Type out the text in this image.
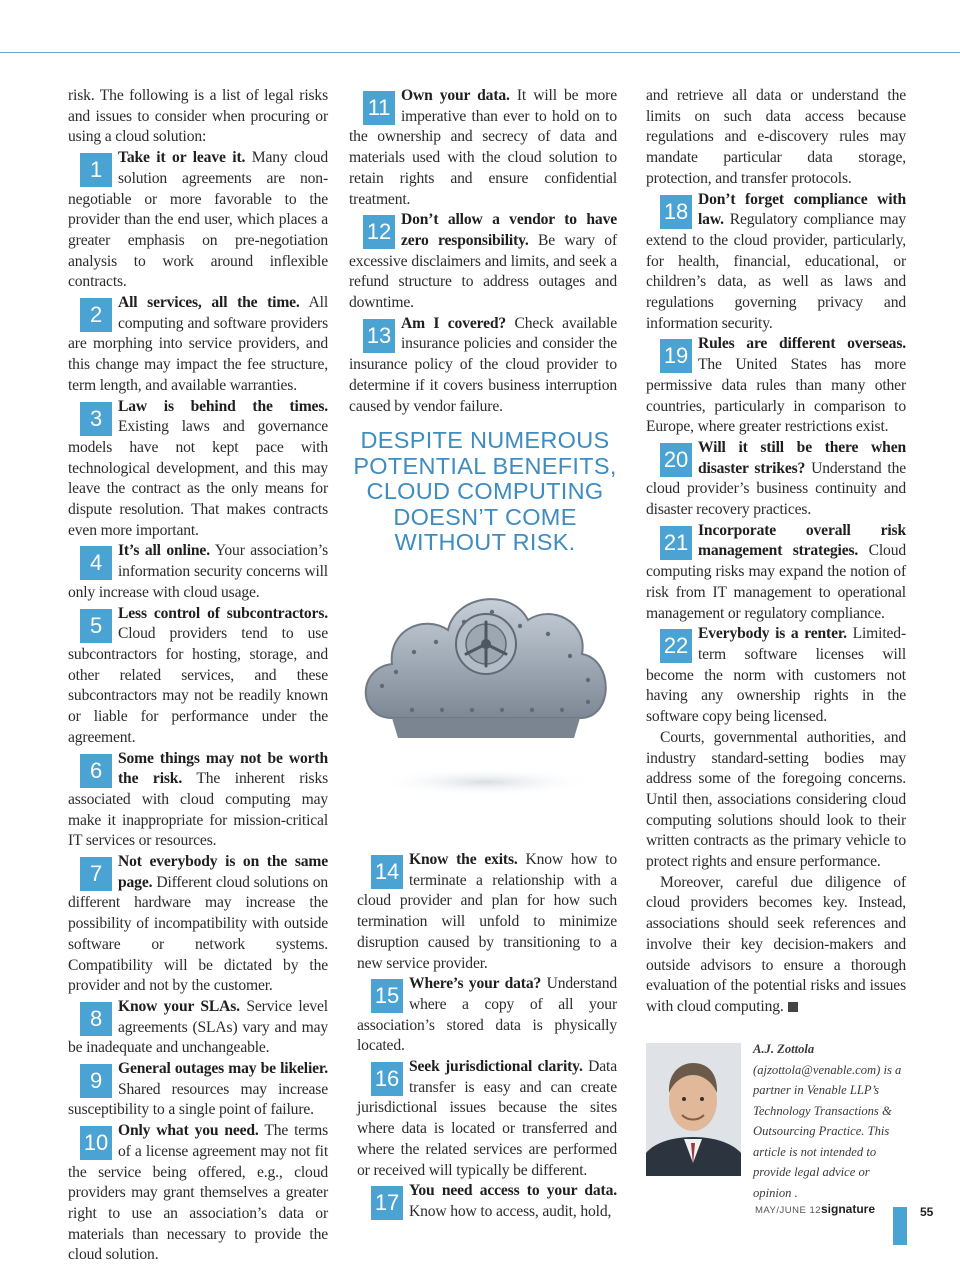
risk. The following is a list of legal risks and issues to consider when procuring or using a cloud solution:

1	Take it or leave it. Many cloud solution agreements are non-negotiable or more favorable to the provider than the end user, which places a greater emphasis on pre-negotiation analysis to work around inflexible contracts.
2	All services, all the time. All computing and software providers are morphing into service providers, and this change may impact the fee structure, term length, and available warranties.
3	Law is behind the times. Existing laws and governance models have not kept pace with technological development, and this may leave the contract as the only means for dispute resolution. That makes contracts even more important.
4	It’s all online. Your association’s information security concerns will only increase with cloud usage.
5	Less control of subcontractors. Cloud providers tend to use subcontractors for hosting, storage, and other related services, and these subcontractors may not be readily known or liable for performance under the agreement.
6	Some things may not be worth the risk. The inherent risks associated with cloud computing may make it inappropriate for mission-critical IT services or resources.
7	Not everybody is on the same page. Different cloud solutions on different hardware may increase the possibility of incompatibility with outside software or network systems. Compatibility will be dictated by the provider and not by the customer.
8	Know your SLAs. Service level agreements (SLAs) vary and may be inadequate and unchangeable.
9	General outages may be likelier. Shared resources may increase susceptibility to a single point of failure.
10 Only what you need. The terms of a license agreement may not fit the service being offered, e.g., cloud providers may grant themselves a greater right to use an association’s data or materials than necessary to provide the cloud solution.
11 Own your data. It will be more imperative than ever to hold on to the ownership and secrecy of data and materials used with the cloud solution to retain rights and ensure confidential treatment.
12 Don’t allow a vendor to have zero responsibility. Be wary of excessive disclaimers and limits, and seek a refund structure to address outages and downtime.
13 Am I covered? Check available insurance policies and consider the insurance policy of the cloud provider to determine if it covers business interruption caused by vendor failure.
DESPITE NUMEROUS POTENTIAL BENEFITS, CLOUD COMPUTING DOESN’T COME WITHOUT RISK.
14 Know the exits. Know how to terminate a relationship with a cloud provider and plan for how such termination will unfold to minimize disruption caused by transitioning to a new service provider.
15 Where’s your data? Understand where a copy of all your association’s stored data is physically located.
16 Seek jurisdictional clarity. Data transfer is easy and can create jurisdictional issues because the sites where data is located or transferred and where the related services are performed or received will typically be different.
17 You need access to your data. Know how to access, audit, hold,

and retrieve all data or understand the limits on such data access because regulations and e-discovery rules may mandate particular data storage, protection, and transfer protocols.

18 Don’t forget compliance with law. Regulatory compliance may extend to the cloud provider, particularly, for health, financial, educational, or children’s data, as well as laws and regulations governing privacy and information security.
19 Rules are different overseas. The United States has more permissive data rules than many other countries, particularly in comparison to Europe, where greater restrictions exist.
20 Will it still be there when disaster strikes? Understand the cloud provider’s business continuity and disaster recovery practices.
21 Incorporate overall risk management strategies. Cloud computing risks may expand the notion of risk from IT management to operational management or regulatory compliance.
22 Everybody is a renter. Limited-term software licenses will become the norm with customers not having any ownership rights in the software copy being licensed.

Courts, governmental authorities, and industry standard-setting bodies may address some of the foregoing concerns. Until then, associations considering cloud computing solutions should look to their written contracts as the primary vehicle to protect rights and ensure performance.

Moreover, careful due diligence of cloud providers becomes key. Instead, associations should seek references and involve their key decision-makers and outside advisors to ensure a thorough evaluation of the potential risks and issues with cloud computing.

A.J. Zottola (ajzottola@venable.com) is a partner in Venable LLP’s Technology Transactions & Outsourcing Practice. This article is not intended to provide legal advice or opinion .
MAY/JUNE 12 signature	55
